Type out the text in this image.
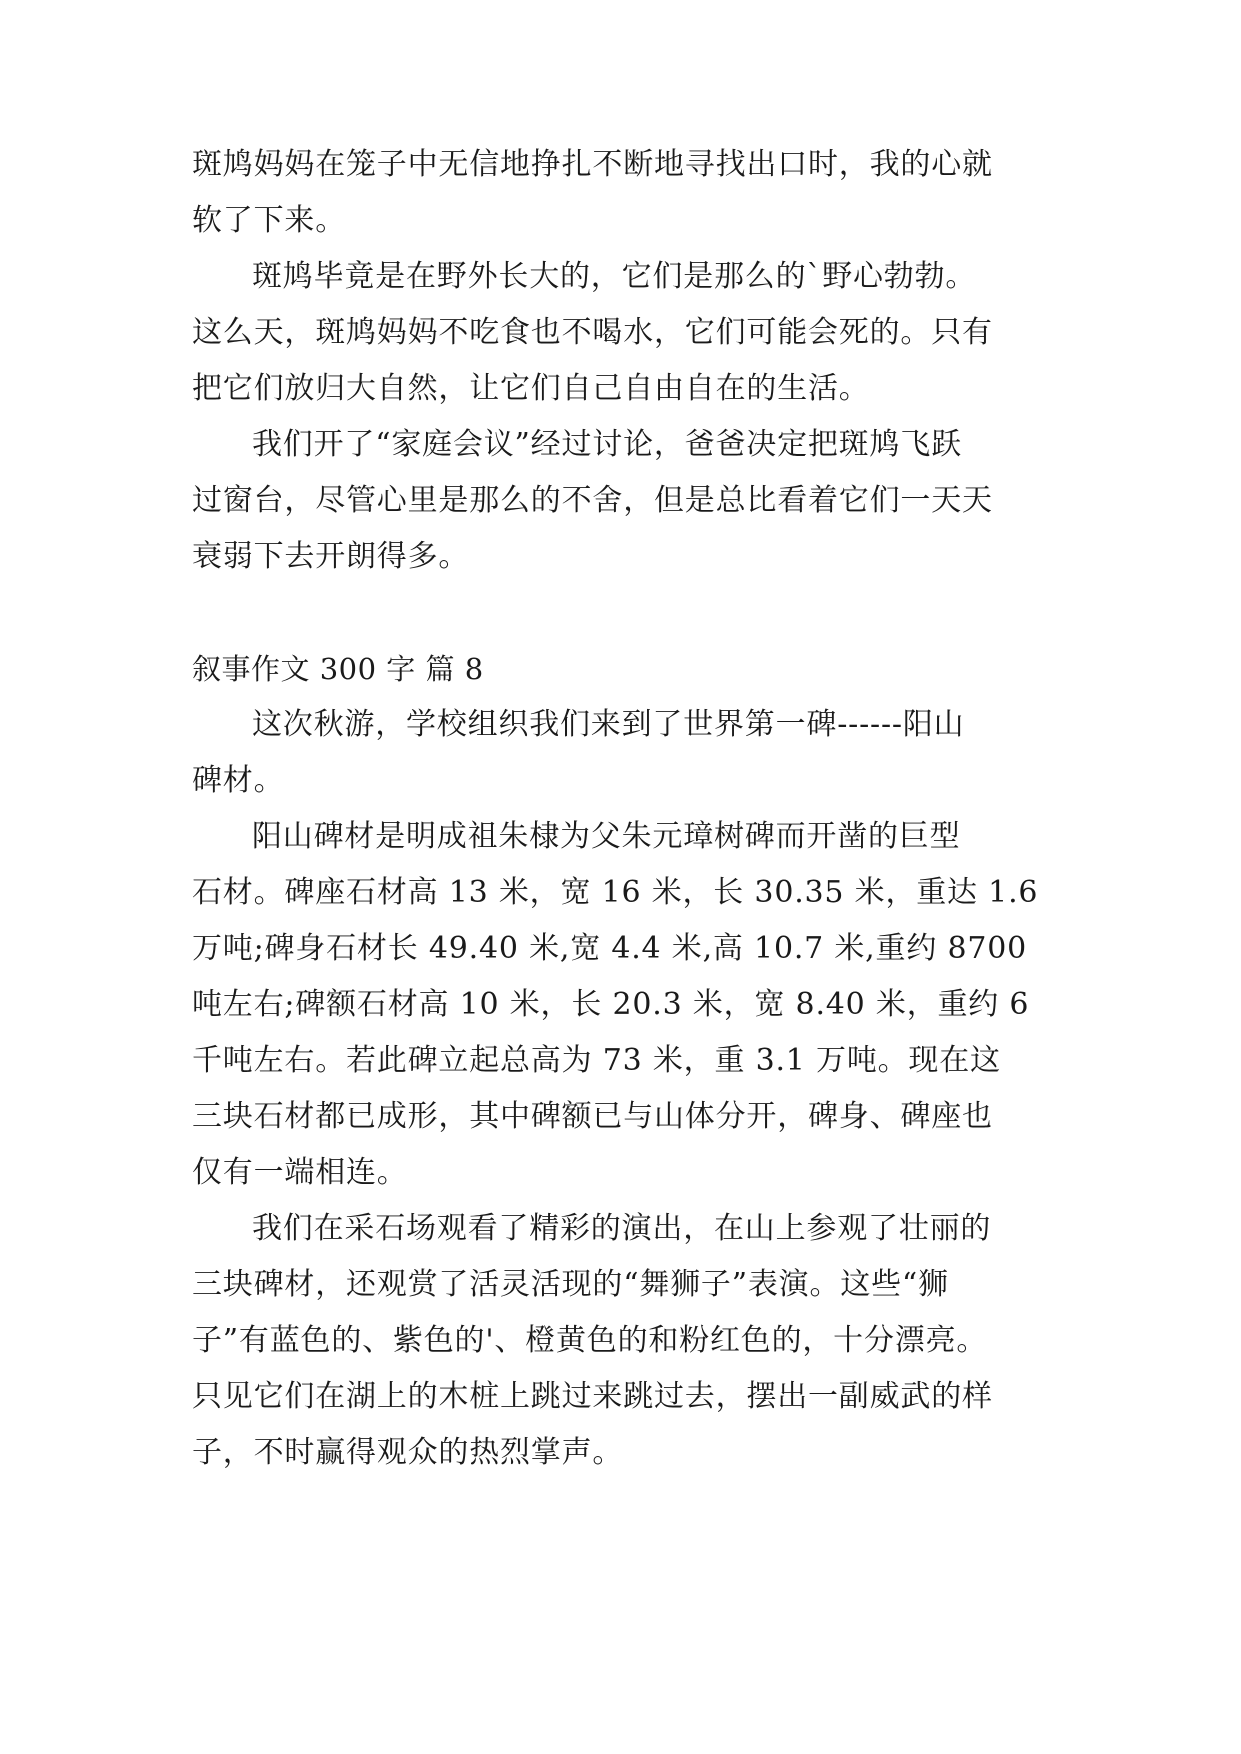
斑鸠妈妈在笼子中无信地挣扎不断地寻找出口时，我的心就
软了下来。
斑鸠毕竟是在野外长大的，它们是那么的`野心勃勃。
这么天，斑鸠妈妈不吃食也不喝水，它们可能会死的。只有
把它们放归大自然，让它们自己自由自在的生活。
我们开了“家庭会议”经过讨论，爸爸决定把斑鸠飞跃
过窗台，尽管心里是那么的不舍，但是总比看着它们一天天
衰弱下去开朗得多。
叙事作文 300 字 篇 8
这次秋游，学校组织我们来到了世界第一碑------阳山
碑材。
阳山碑材是明成祖朱棣为父朱元璋树碑而开凿的巨型
石材。碑座石材高 13 米，宽 16 米，长 30.35 米，重达 1.6
万吨;碑身石材长 49.40 米,宽 4.4 米,高 10.7 米,重约 8700
吨左右;碑额石材高 10 米，长 20.3 米，宽 8.40 米，重约 6
千吨左右。若此碑立起总高为 73 米，重 3.1 万吨。现在这
三块石材都已成形，其中碑额已与山体分开，碑身、碑座也
仅有一端相连。
我们在采石场观看了精彩的演出，在山上参观了壮丽的
三块碑材，还观赏了活灵活现的“舞狮子”表演。这些“狮
子”有蓝色的、紫色的'、橙黄色的和粉红色的，十分漂亮。
只见它们在湖上的木桩上跳过来跳过去，摆出一副威武的样
子，不时赢得观众的热烈掌声。
